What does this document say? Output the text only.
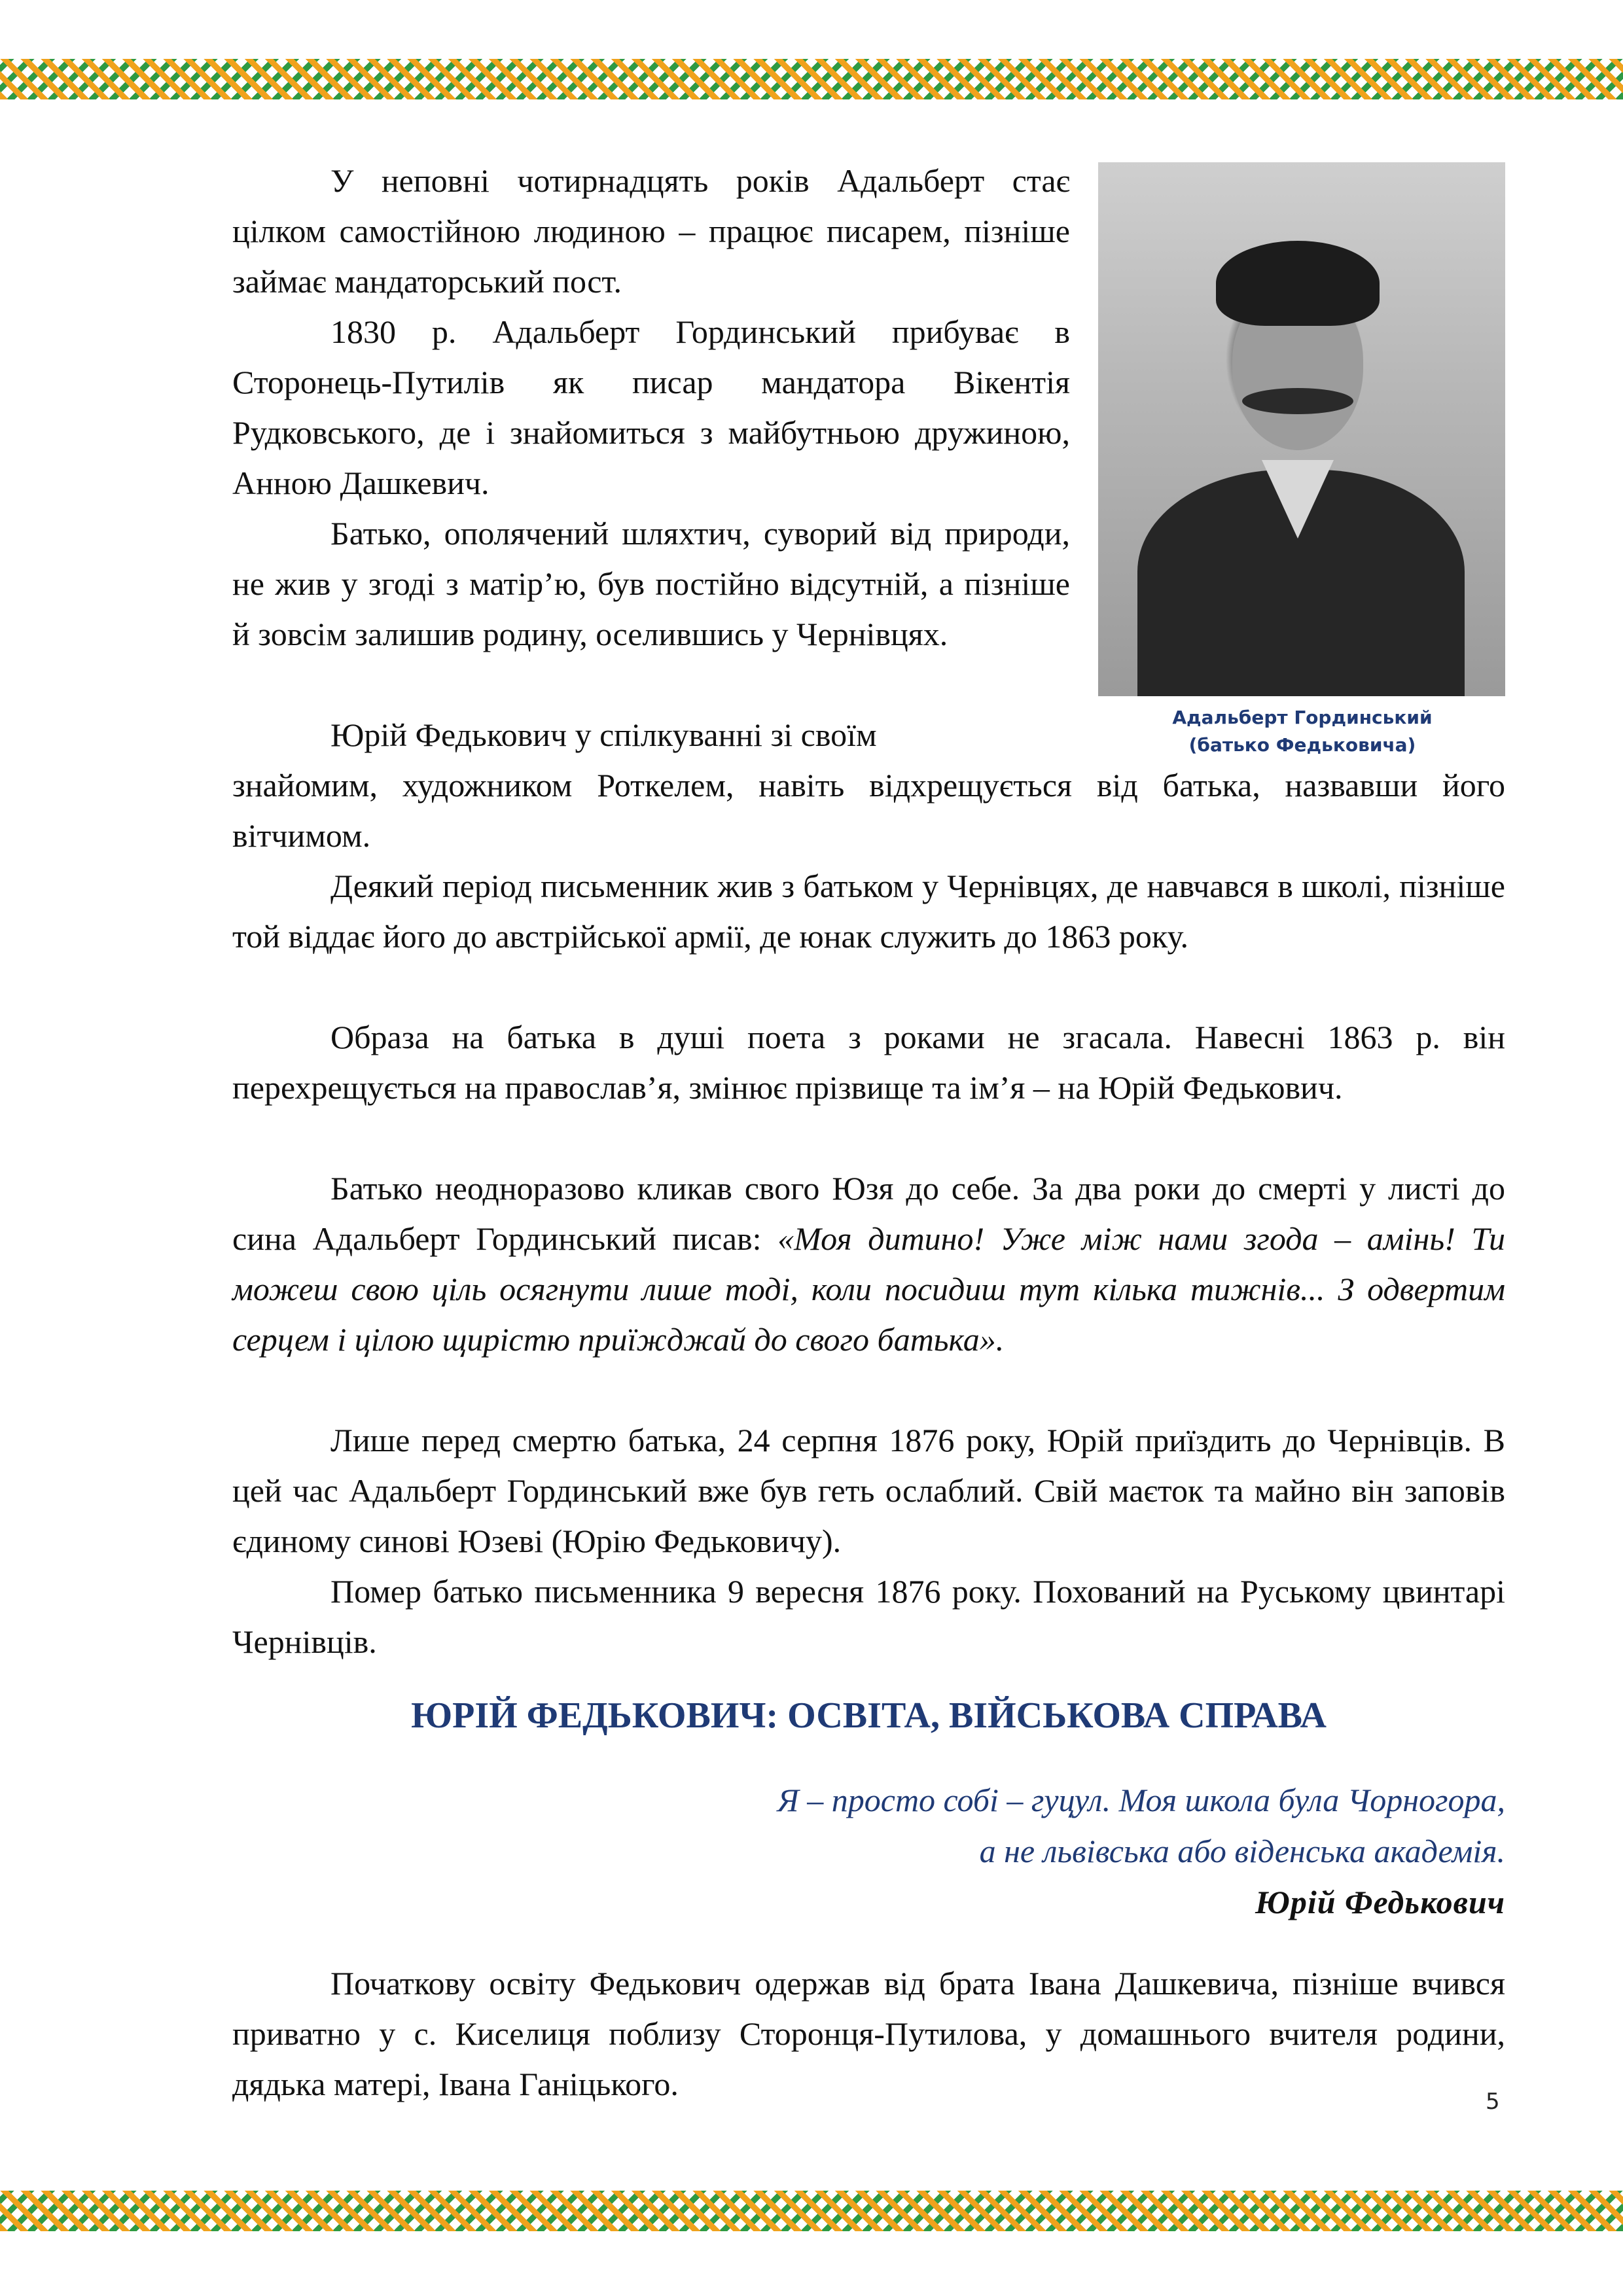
У неповні чотирнадцять років Адальберт стає цілком самостійною людиною – працює писарем, пізніше займає мандаторський пост.

1830 р. Адальберт Гординський прибуває в Сторонець-Путилів як писар мандатора Вікентія Рудковського, де і знайомиться з майбутньою дружиною, Анною Дашкевич.

Батько, ополячений шляхтич, суворий від природи, не жив у згоді з матір’ю, був постійно відсутній, а пізніше й зовсім залишив родину, оселившись у Чернівцях.

Юрій Федькович у спілкуванні зі своїм

знайомим, художником Роткелем, навіть відхрещується від батька, назвавши його вітчимом.

Адальберт Гординський
(батько Федьковича)

Деякий період письменник жив з батьком у Чернівцях, де навчався в школі, пізніше той віддає його до австрійської армії, де юнак служить до 1863 року.

Образа на батька в душі поета з роками не згасала. Навесні 1863 р. він перехрещується на православ’я, змінює прізвище та ім’я – на Юрій Федькович.

Батько неодноразово кликав свого Юзя до себе. За два роки до смерті у листі до сина Адальберт Гординський писав: «Моя дитино! Уже між нами згода – амінь! Ти можеш свою ціль осягнути лише тоді, коли посидиш тут кілька тижнів... З одвертим серцем і цілою щирістю приїжджай до свого батька».

Лише перед смертю батька, 24 серпня 1876 року, Юрій приїздить до Чернівців. В цей час Адальберт Гординський вже був геть ослаблий. Свій маєток та майно він заповів єдиному синові Юзеві (Юрію Федьковичу).

Помер батько письменника 9 вересня 1876 року. Похований на Руському цвинтарі Чернівців.

ЮРІЙ ФЕДЬКОВИЧ: ОСВІТА, ВІЙСЬКОВА СПРАВА
Я – просто собі – гуцул. Моя школа була Чорногора,
а не львівська або віденська академія.
Юрій Федькович

Початкову освіту Федькович одержав від брата Івана Дашкевича, пізніше вчився приватно у с. Киселиця поблизу Сторонця-Путилова, у домашнього вчителя родини, дядька матері, Івана Ганіцького.	5
